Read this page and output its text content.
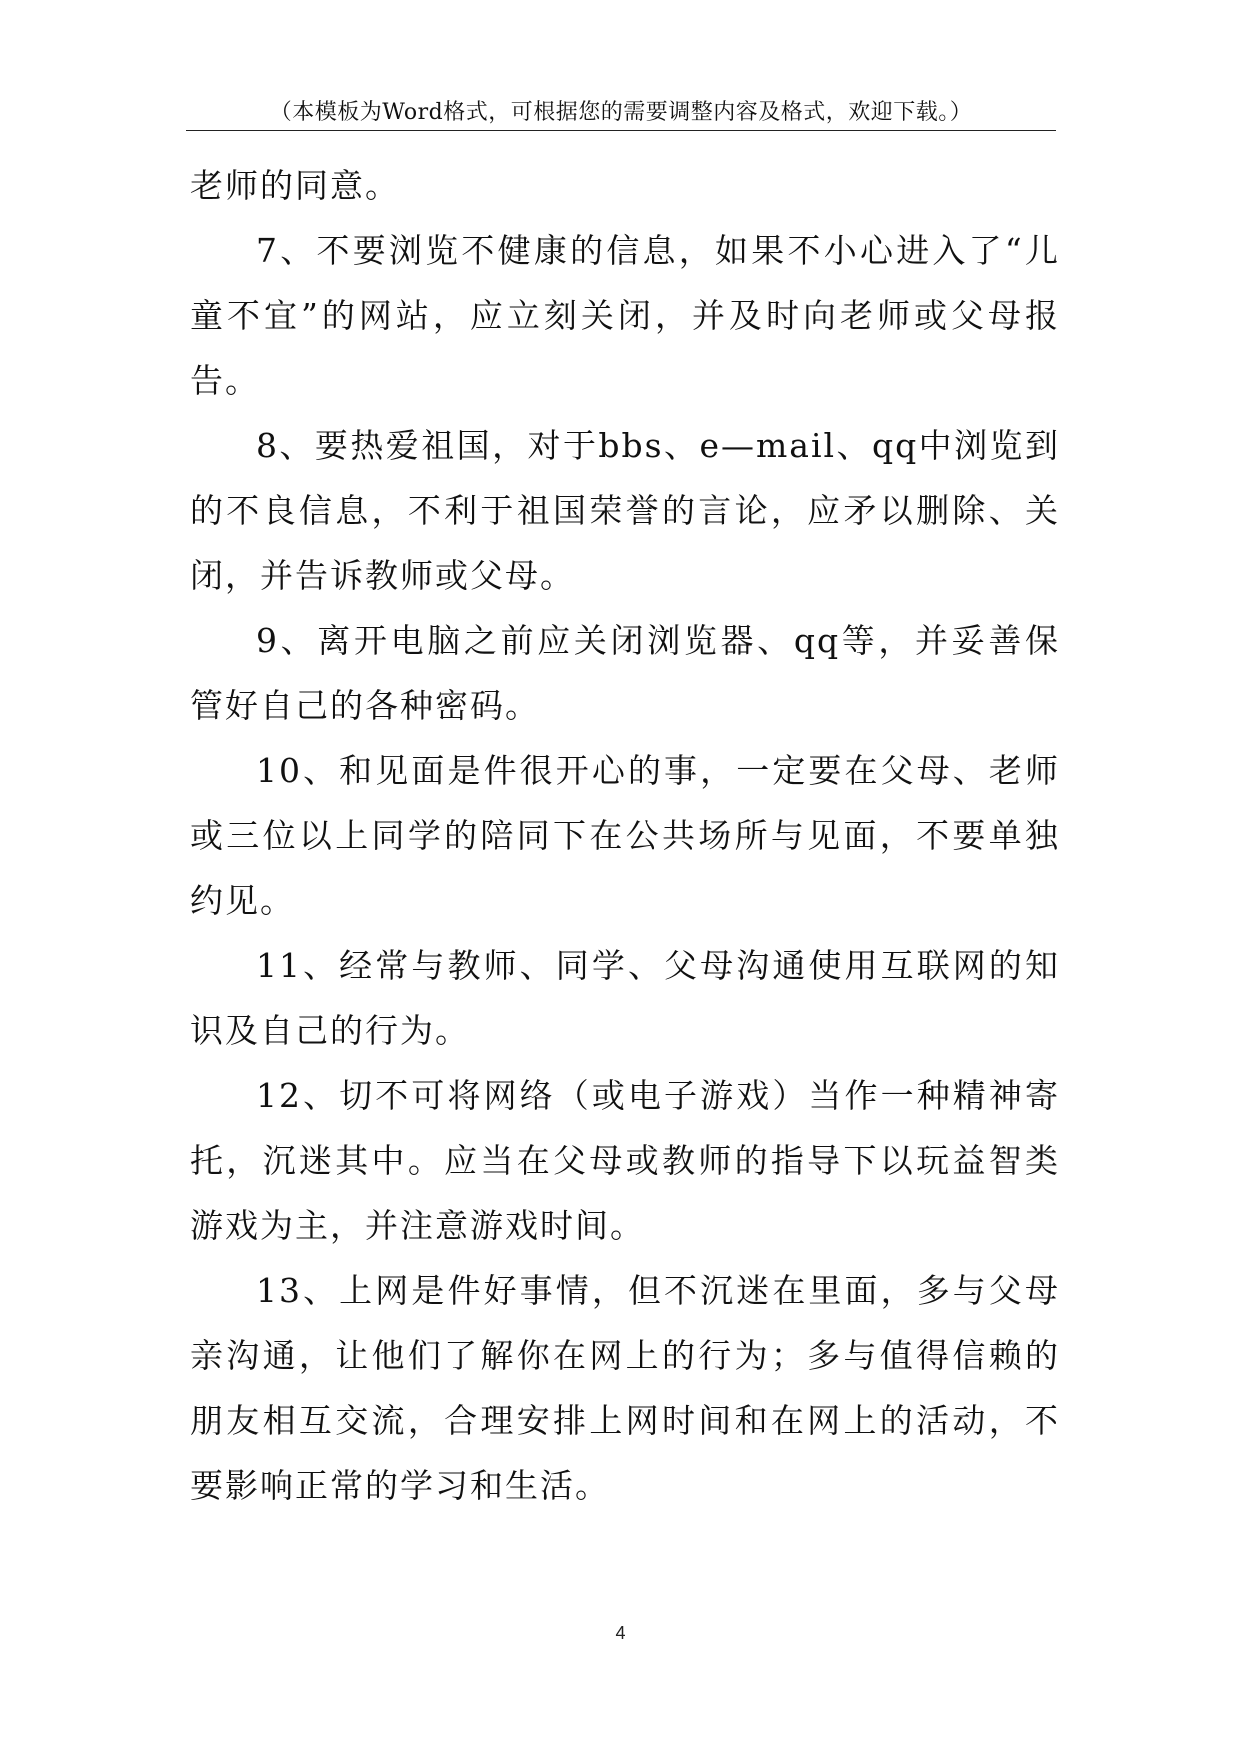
（本模板为Word格式，可根据您的需要调整内容及格式，欢迎下载。）

老师的同意。

7、不要浏览不健康的信息，如果不小心进入了“儿童不宜”的网站，应立刻关闭，并及时向老师或父母报告。

8、要热爱祖国，对于bbs、e—mail、qq中浏览到的不良信息，不利于祖国荣誉的言论，应矛以删除、关闭，并告诉教师或父母。

9、离开电脑之前应关闭浏览器、qq等，并妥善保管好自己的各种密码。

10、和见面是件很开心的事，一定要在父母、老师或三位以上同学的陪同下在公共场所与见面，不要单独约见。

11、经常与教师、同学、父母沟通使用互联网的知识及自己的行为。

12、切不可将网络（或电子游戏）当作一种精神寄托，沉迷其中。应当在父母或教师的指导下以玩益智类游戏为主，并注意游戏时间。

13、上网是件好事情，但不沉迷在里面，多与父母亲沟通，让他们了解你在网上的行为；多与值得信赖的朋友相互交流，合理安排上网时间和在网上的活动，不要影响正常的学习和生活。

4
